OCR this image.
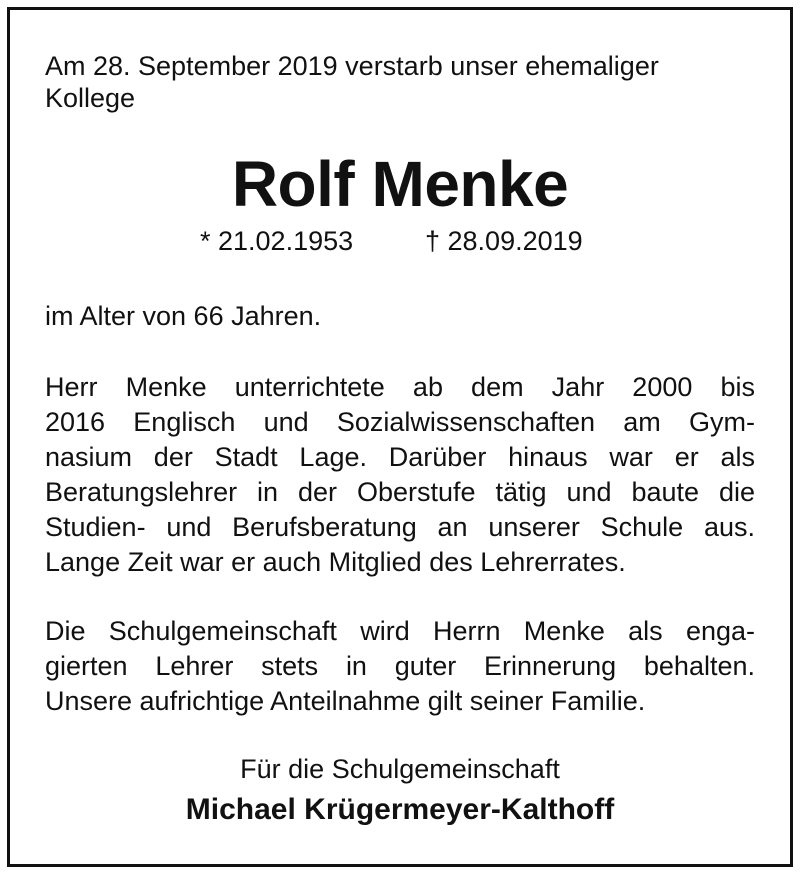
Am 28. September 2019 verstarb unser ehemaliger
Kollege
Rolf Menke
* 21.02.1953	† 28.09.2019
im Alter von 66 Jahren.
Herr Menke unterrichtete ab dem Jahr 2000 bis
2016 Englisch und Sozialwissenschaften am Gym-
nasium der Stadt Lage. Darüber hinaus war er als
Beratungslehrer in der Oberstufe tätig und baute die
Studien- und Berufsberatung an unserer Schule aus.
Lange Zeit war er auch Mitglied des Lehrerrates.
Die Schulgemeinschaft wird Herrn Menke als enga-
gierten Lehrer stets in guter Erinnerung behalten.
Unsere aufrichtige Anteilnahme gilt seiner Familie.
Für die Schulgemeinschaft
Michael Krügermeyer-Kalthoff
